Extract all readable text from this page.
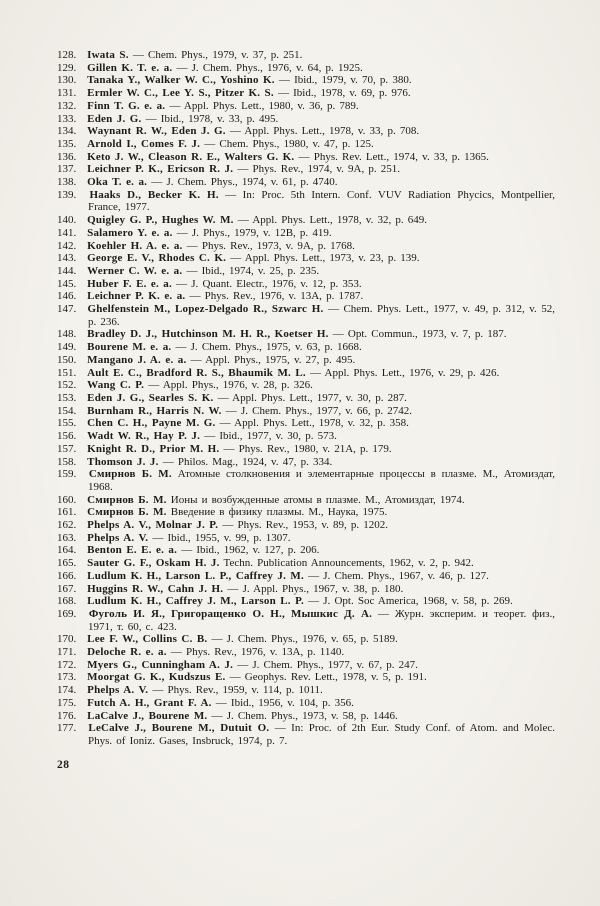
128. Iwata S. — Chem. Phys., 1979, v. 37, p. 251.
129. Gillen K. T. e. a. — J. Chem. Phys., 1976, v. 64, p. 1925.
130. Tanaka Y., Walker W. C., Yoshino K. — Ibid., 1979, v. 70, p. 380.
131. Ermler W. C., Lee Y. S., Pitzer K. S. — Ibid., 1978, v. 69, p. 976.
132. Finn T. G. e. a. — Appl. Phys. Lett., 1980, v. 36, p. 789.
133. Eden J. G. — Ibid., 1978, v. 33, p. 495.
134. Waynant R. W., Eden J. G. — Appl. Phys. Lett., 1978, v. 33, p. 708.
135. Arnold I., Comes F. J. — Chem. Phys., 1980, v. 47, p. 125.
136. Keto J. W., Cleason R. E., Walters G. K. — Phys. Rev. Lett., 1974, v. 33, p. 1365.
137. Leichner P. K., Ericson R. J. — Phys. Rev., 1974, v. 9A, p. 251.
138. Oka T. e. a. — J. Chem. Phys., 1974, v. 61, p. 4740.
139. Haaks D., Becker K. H. — In: Proc. 5th Intern. Conf. VUV Radiation Phycics, Montpellier, France, 1977.
140. Quigley G. P., Hughes W. M. — Appl. Phys. Lett., 1978, v. 32, p. 649.
141. Salamero Y. e. a. — J. Phys., 1979, v. 12B, p. 419.
142. Koehler H. A. e. a. — Phys. Rev., 1973, v. 9A, p. 1768.
143. George E. V., Rhodes C. K. — Appl. Phys. Lett., 1973, v. 23, p. 139.
144. Werner C. W. e. a. — Ibid., 1974, v. 25, p. 235.
145. Huber F. E. e. a. — J. Quant. Electr., 1976, v. 12, p. 353.
146. Leichner P. K. e. a. — Phys. Rev., 1976, v. 13A, p. 1787.
147. Ghelfenstein M., Lopez-Delgado R., Szwarc H. — Chem. Phys. Lett., 1977, v. 49, p. 312, v. 52, p. 236.
148. Bradley D. J., Hutchinson M. H. R., Koetser H. — Opt. Commun., 1973, v. 7, p. 187.
149. Bourene M. e. a. — J. Chem. Phys., 1975, v. 63, p. 1668.
150. Mangano J. A. e. a. — Appl. Phys., 1975, v. 27, p. 495.
151. Ault E. C., Bradford R. S., Bhaumik M. L. — Appl. Phys. Lett., 1976, v. 29, p. 426.
152. Wang C. P. — Appl. Phys., 1976, v. 28, p. 326.
153. Eden J. G., Searles S. K. — Appl. Phys. Lett., 1977, v. 30, p. 287.
154. Burnham R., Harris N. W. — J. Chem. Phys., 1977, v. 66, p. 2742.
155. Chen C. H., Payne M. G. — Appl. Phys. Lett., 1978, v. 32, p. 358.
156. Wadt W. R., Hay P. J. — Ibid., 1977, v. 30, p. 573.
157. Knight R. D., Prior M. H. — Phys. Rev., 1980, v. 21A, p. 179.
158. Thomson J. J. — Philos. Mag., 1924, v. 47, p. 334.
159. Смирнов Б. М. Атомные столкновения и элементарные процессы в плазме. М., Атомиздат, 1968.
160. Смирнов Б. М. Ионы и возбужденные атомы в плазме. М., Атомиздат, 1974.
161. Смирнов Б. М. Введение в физику плазмы. М., Наука, 1975.
162. Phelps A. V., Molnar J. P. — Phys. Rev., 1953, v. 89, p. 1202.
163. Phelps A. V. — Ibid., 1955, v. 99, p. 1307.
164. Benton E. E. e. a. — Ibid., 1962, v. 127, p. 206.
165. Sauter G. F., Oskam H. J. Techn. Publication Announcements, 1962, v. 2, p. 942.
166. Ludlum K. H., Larson L. P., Caffrey J. M. — J. Chem. Phys., 1967, v. 46, p. 127.
167. Huggins R. W., Cahn J. H. — J. Appl. Phys., 1967, v. 38, p. 180.
168. Ludlum K. H., Caffrey J. M., Larson L. P. — J. Opt. Soc America, 1968, v. 58, p. 269.
169. Фуголь И. Я., Григоращенко О. Н., Мышкис Д. А. — Журн. эксперим. и теорет. физ., 1971, т. 60, с. 423.
170. Lee F. W., Collins C. B. — J. Chem. Phys., 1976, v. 65, p. 5189.
171. Deloche R. e. a. — Phys. Rev., 1976, v. 13A, p. 1140.
172. Myers G., Cunningham A. J. — J. Chem. Phys., 1977, v. 67, p. 247.
173. Moorgat G. K., Kudszus E. — Geophys. Rev. Lett., 1978, v. 5, p. 191.
174. Phelps A. V. — Phys. Rev., 1959, v. 114, p. 1011.
175. Futch A. H., Grant F. A. — Ibid., 1956, v. 104, p. 356.
176. LaCalve J., Bourene M. — J. Chem. Phys., 1973, v. 58, p. 1446.
177. LeCalve J., Bourene M., Dutuit O. — In: Proc. of 2th Eur. Study Conf. of Atom. and Molec. Phys. of Ioniz. Gases, Insbruck, 1974, p. 7.
28
